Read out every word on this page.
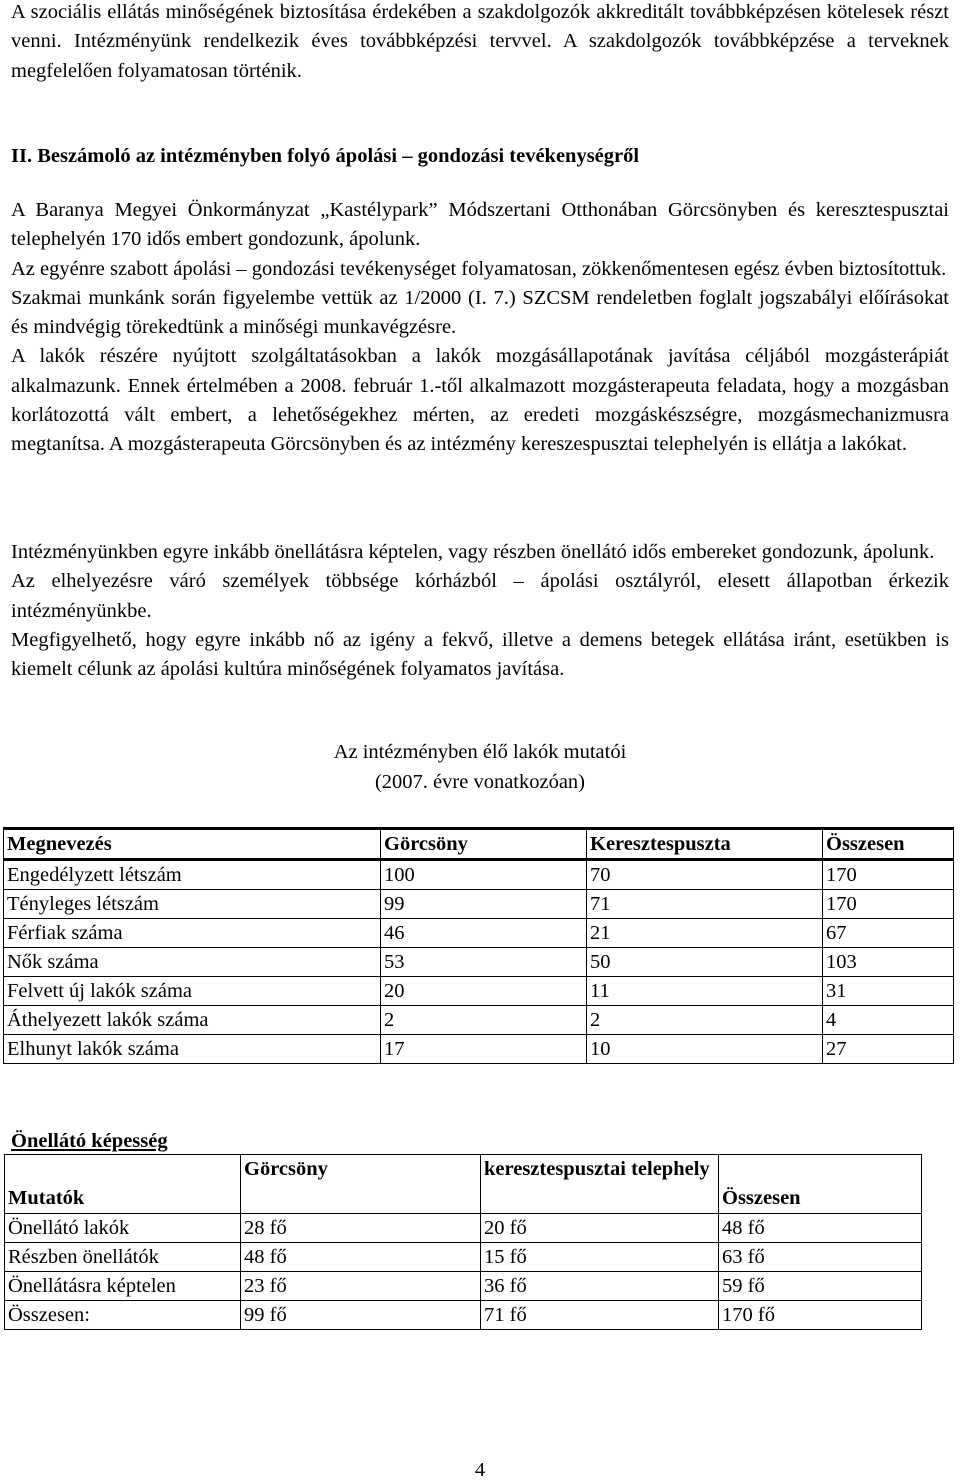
A szociális ellátás minőségének biztosítása érdekében a szakdolgozók akkreditált továbbképzésen kötelesek részt venni. Intézményünk rendelkezik éves továbbképzési tervvel. A szakdolgozók továbbképzése a terveknek megfelelően folyamatosan történik.

II. Beszámoló az intézményben folyó ápolási – gondozási tevékenységről

A Baranya Megyei Önkormányzat „Kastélypark” Módszertani Otthonában Görcsönyben és keresztespusztai telephelyén 170 idős embert gondozunk, ápolunk.

Az egyénre szabott ápolási – gondozási tevékenységet folyamatosan, zökkenőmentesen egész évben biztosítottuk.

Szakmai munkánk során figyelembe vettük az 1/2000 (I. 7.) SZCSM rendeletben foglalt jogszabályi előírásokat és mindvégig törekedtünk a minőségi munkavégzésre.

A lakók részére nyújtott szolgáltatásokban a lakók mozgásállapotának javítása céljából mozgásterápiát alkalmazunk. Ennek értelmében a 2008. február 1.-től alkalmazott mozgásterapeuta feladata, hogy a mozgásban korlátozottá vált embert, a lehetőségekhez mérten, az eredeti mozgáskészségre, mozgásmechanizmusra megtanítsa. A mozgásterapeuta Görcsönyben és az intézmény kereszespusztai telephelyén is ellátja a lakókat.

Intézményünkben egyre inkább önellátásra képtelen, vagy részben önellátó idős embereket gondozunk, ápolunk.

Az elhelyezésre váró személyek többsége kórházból – ápolási osztályról, elesett állapotban érkezik intézményünkbe.

Megfigyelhető, hogy egyre inkább nő az igény a fekvő, illetve a demens betegek ellátása iránt, esetükben is kiemelt célunk az ápolási kultúra minőségének folyamatos javítása.

Az intézményben élő lakók mutatói
(2007. évre vonatkozóan)
Megnevezés	Görcsöny	Keresztespuszta	Összesen
Engedélyzett létszám	100	70	170
Tényleges létszám	99	71	170
Férfiak száma	46	21	67
Nők száma	53	50	103
Felvett új lakók száma	20	11	31
Áthelyezett lakók száma	2	2	4
Elhunyt lakók száma	17	10	27
Önellátó képesség
Mutatók	Görcsöny	keresztespusztai telephely	Összesen
Önellátó lakók	28 fő	20 fő	48 fő
Részben önellátók	48 fő	15 fő	63 fő
Önellátásra képtelen	23 fő	36 fő	59 fő
Összesen:	99 fő	71 fő	170 fő
4
